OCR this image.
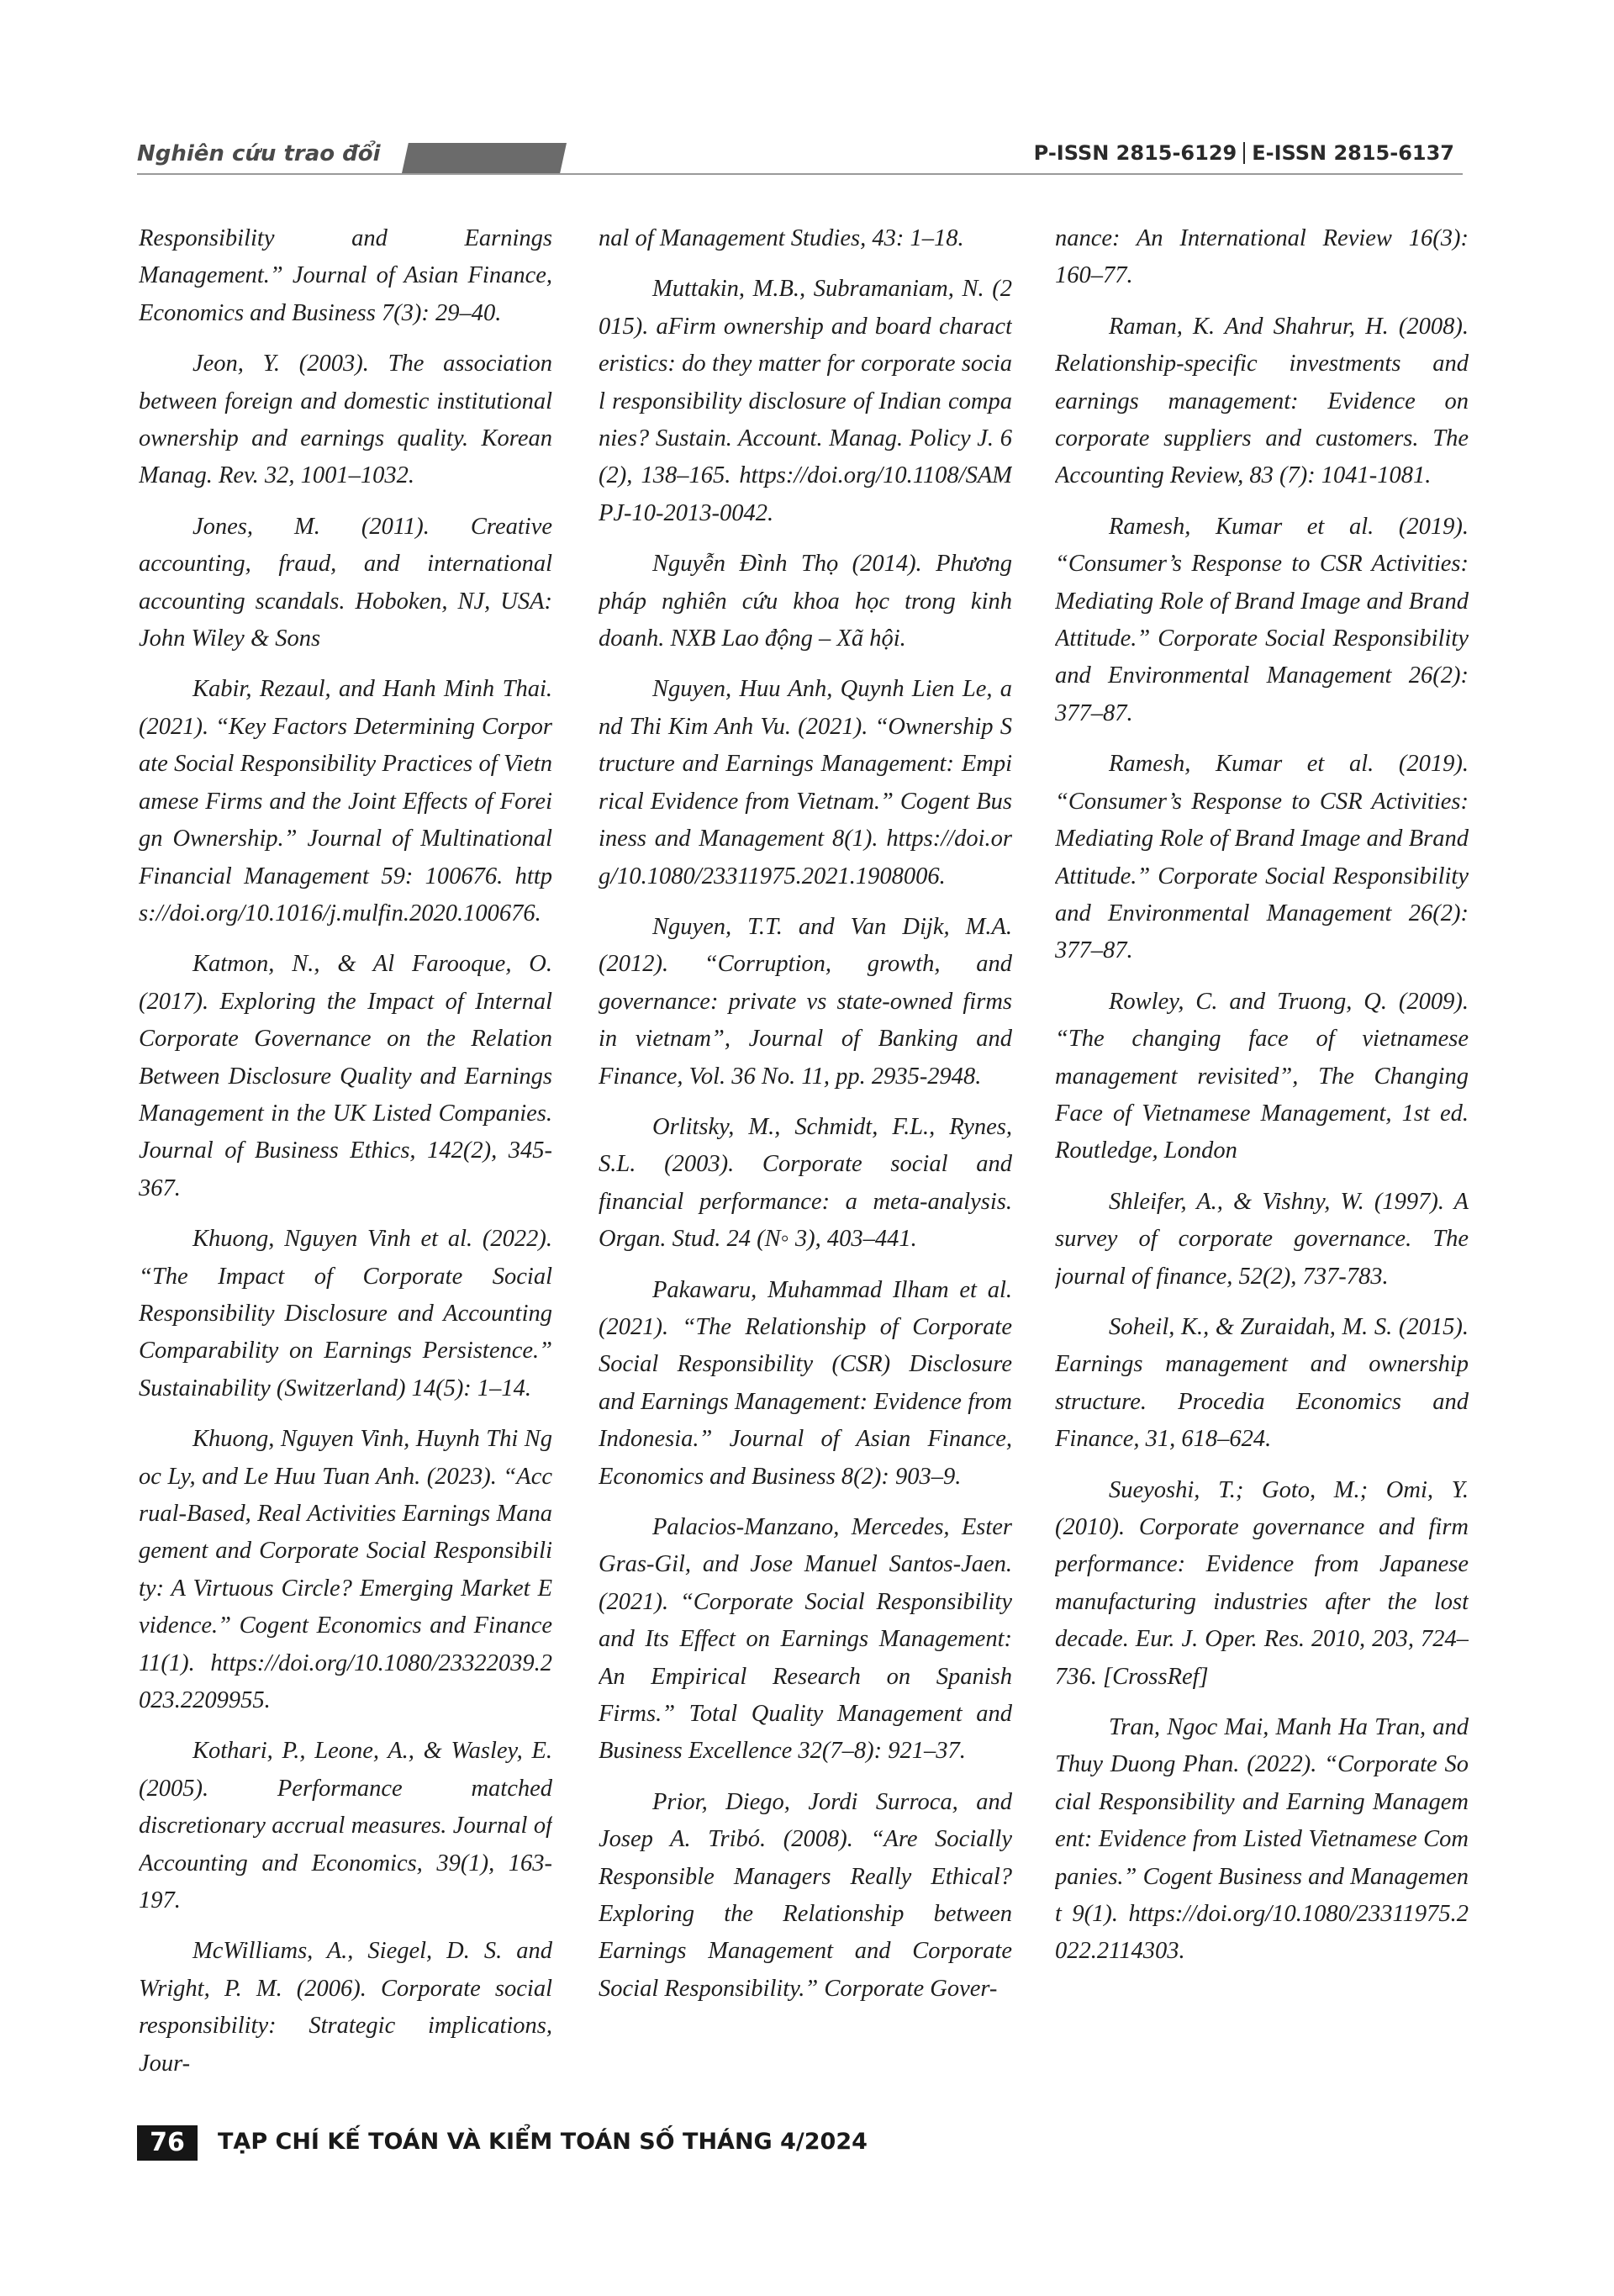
Nghiên cứu trao đổi	P-ISSN 2815-6129 E-ISSN 2815-6137

Responsibility and Earnings Management.” Journal of Asian Finance, Economics and Business 7(3): 29–40.

Jeon, Y. (2003). The association between foreign and domestic institutional ownership and earnings quality. Korean Manag. Rev. 32, 1001–1032.

Jones, M. (2011). Creative accounting, fraud, and international accounting scandals. Hoboken, NJ, USA: John Wiley & Sons

Kabir, Rezaul, and Hanh Minh Thai. (2021). “Key Factors Determining Corporate Social Responsibility Practices of Vietnamese Firms and the Joint Effects of Foreign Ownership.” Journal of Multinational Financial Management 59: 100676. https://doi.org/10.1016/j.mulfin.2020.100676.

Katmon, N., & Al Farooque, O. (2017). Exploring the Impact of Internal Corporate Governance on the Relation Between Disclosure Quality and Earnings Management in the UK Listed Companies. Journal of Business Ethics, 142(2), 345-367.

Khuong, Nguyen Vinh et al. (2022). “The Impact of Corporate Social Responsibility Disclosure and Accounting Comparability on Earnings Persistence.” Sustainability (Switzerland) 14(5): 1–14.

Khuong, Nguyen Vinh, Huynh Thi Ngoc Ly, and Le Huu Tuan Anh. (2023). “Accrual-Based, Real Activities Earnings Management and Corporate Social Responsibility: A Virtuous Circle? Emerging Market Evidence.” Cogent Economics and Finance 11(1). https://doi.org/10.1080/23322039.2023.2209955.

Kothari, P., Leone, A., & Wasley, E. (2005). Performance matched discretionary accrual measures. Journal of Accounting and Economics, 39(1), 163-197.

McWilliams, A., Siegel, D. S. and Wright, P. M. (2006). Corporate social responsibility: Strategic implications, Jour-

nal of Management Studies, 43: 1–18.

Muttakin, M.B., Subramaniam, N. (2015). aFirm ownership and board characteristics: do they matter for corporate social responsibility disclosure of Indian companies? Sustain. Account. Manag. Policy J. 6 (2), 138–165. https://doi.org/10.1108/SAMPJ-10-2013-0042.

Nguyễn Đình Thọ (2014). Phương pháp nghiên cứu khoa học trong kinh doanh. NXB Lao động – Xã hội.

Nguyen, Huu Anh, Quynh Lien Le, and Thi Kim Anh Vu. (2021). “Ownership Structure and Earnings Management: Empirical Evidence from Vietnam.” Cogent Business and Management 8(1). https://doi.org/10.1080/23311975.2021.1908006.

Nguyen, T.T. and Van Dijk, M.A. (2012). “Corruption, growth, and governance: private vs state-owned firms in vietnam”, Journal of Banking and Finance, Vol. 36 No. 11, pp. 2935-2948.

Orlitsky, M., Schmidt, F.L., Rynes, S.L. (2003). Corporate social and financial performance: a meta-analysis. Organ. Stud. 24 (N◦ 3), 403–441.

Pakawaru, Muhammad Ilham et al. (2021). “The Relationship of Corporate Social Responsibility (CSR) Disclosure and Earnings Management: Evidence from Indonesia.” Journal of Asian Finance, Economics and Business 8(2): 903–9.

Palacios-Manzano, Mercedes, Ester Gras-Gil, and Jose Manuel Santos-Jaen. (2021). “Corporate Social Responsibility and Its Effect on Earnings Management: An Empirical Research on Spanish Firms.” Total Quality Management and Business Excellence 32(7–8): 921–37.

Prior, Diego, Jordi Surroca, and Josep A. Tribó. (2008). “Are Socially Responsible Managers Really Ethical? Exploring the Relationship between Earnings Management and Corporate Social Responsibility.” Corporate Gover-

nance: An International Review 16(3): 160–77.

Raman, K. And Shahrur, H. (2008). Relationship-specific investments and earnings management: Evidence on corporate suppliers and customers. The Accounting Review, 83 (7): 1041-1081.

Ramesh, Kumar et al. (2019). “Consumer’s Response to CSR Activities: Mediating Role of Brand Image and Brand Attitude.” Corporate Social Responsibility and Environmental Management 26(2): 377–87.

Ramesh, Kumar et al. (2019). “Consumer’s Response to CSR Activities: Mediating Role of Brand Image and Brand Attitude.” Corporate Social Responsibility and Environmental Management 26(2): 377–87.

Rowley, C. and Truong, Q. (2009). “The changing face of vietnamese management revisited”, The Changing Face of Vietnamese Management, 1st ed. Routledge, London

Shleifer, A., & Vishny, W. (1997). A survey of corporate governance. The journal of finance, 52(2), 737-783.

Soheil, K., & Zuraidah, M. S. (2015). Earnings management and ownership structure. Procedia Economics and Finance, 31, 618–624.

Sueyoshi, T.; Goto, M.; Omi, Y. (2010). Corporate governance and firm performance: Evidence from Japanese manufacturing industries after the lost decade. Eur. J. Oper. Res. 2010, 203, 724–736. [CrossRef]

Tran, Ngoc Mai, Manh Ha Tran, and Thuy Duong Phan. (2022). “Corporate Social Responsibility and Earning Management: Evidence from Listed Vietnamese Companies.” Cogent Business and Management 9(1). https://doi.org/10.1080/23311975.2022.2114303.

76	TẠP CHÍ KẾ TOÁN VÀ KIỂM TOÁN SỐ THÁNG 4/2024
